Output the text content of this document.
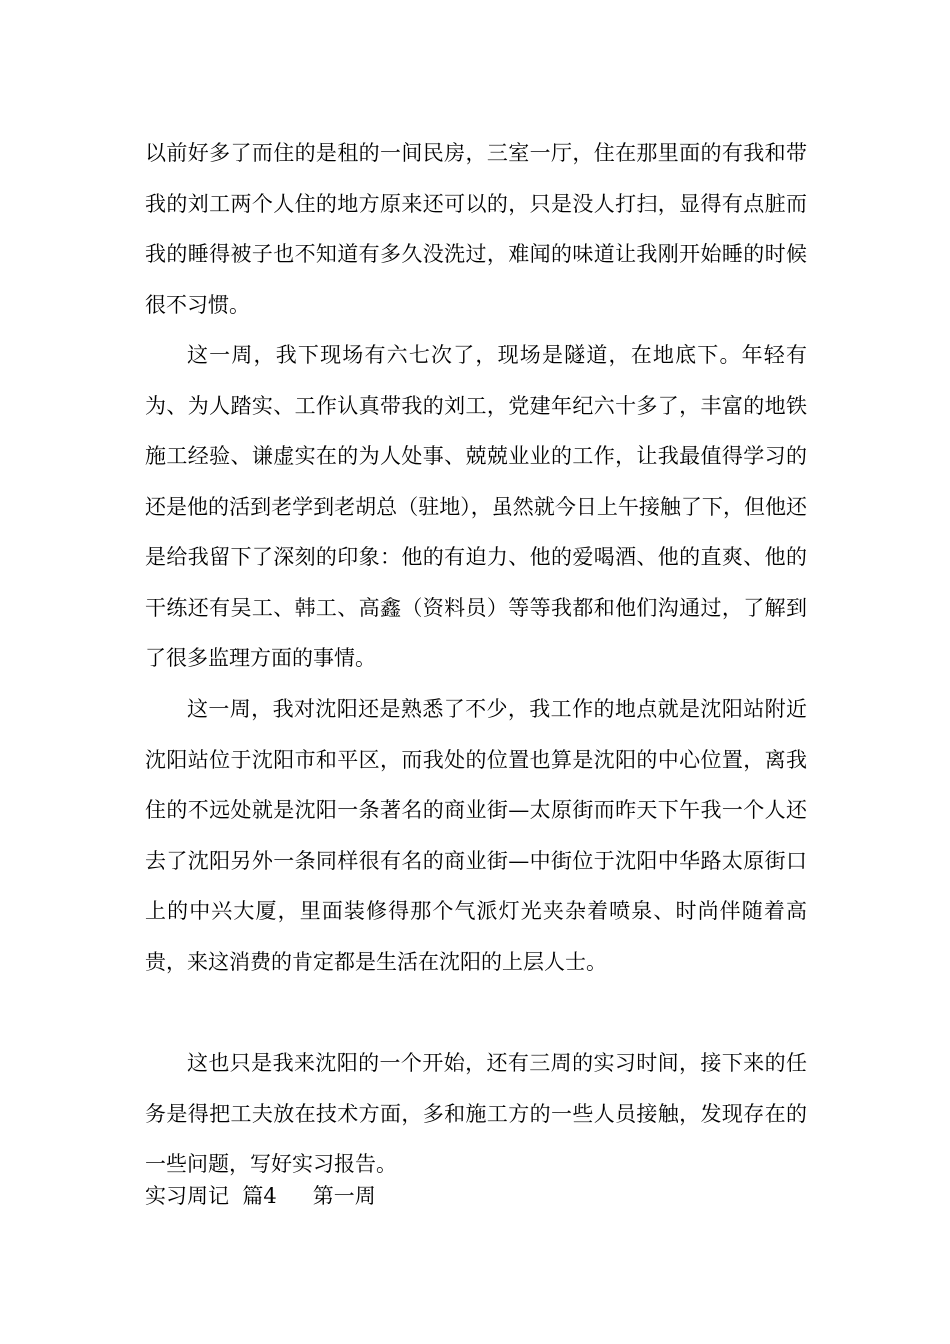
以前好多了而住的是租的一间民房，三室一厅，住在那里面的有我和带我的刘工两个人住的地方原来还可以的，只是没人打扫，显得有点脏而我的睡得被子也不知道有多久没洗过，难闻的味道让我刚开始睡的时候很不习惯。

这一周，我下现场有六七次了，现场是隧道，在地底下。年轻有为、为人踏实、工作认真带我的刘工，党建年纪六十多了，丰富的地铁施工经验、谦虚实在的为人处事、兢兢业业的工作，让我最值得学习的还是他的活到老学到老胡总（驻地），虽然就今日上午接触了下，但他还是给我留下了深刻的印象：他的有迫力、他的爱喝酒、他的直爽、他的干练还有吴工、韩工、高鑫（资料员）等等我都和他们沟通过，了解到了很多监理方面的事情。

这一周，我对沈阳还是熟悉了不少，我工作的地点就是沈阳站附近沈阳站位于沈阳市和平区，而我处的位置也算是沈阳的中心位置，离我住的不远处就是沈阳一条著名的商业街—太原街而昨天下午我一个人还去了沈阳另外一条同样很有名的商业街—中街位于沈阳中华路太原街口上的中兴大厦，里面装修得那个气派灯光夹杂着喷泉、时尚伴随着高贵，来这消费的肯定都是生活在沈阳的上层人士。

这也只是我来沈阳的一个开始，还有三周的实习时间，接下来的任务是得把工夫放在技术方面，多和施工方的一些人员接触，发现存在的一些问题，写好实习报告。

实习周记  篇4 第一周
